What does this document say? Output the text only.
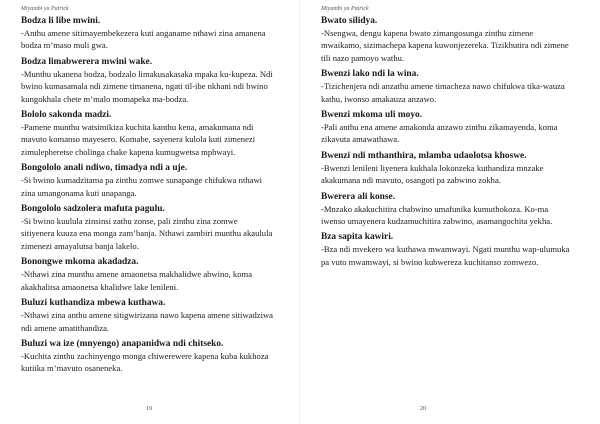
Miyambi ya Patrick
Bodza li libe mwini.
-Anthu amene sitimayembekezera kuti anganame nthawi zina amanena bodza m’maso muli gwa.
Bodza limabwerera mwini wake.
-Munthu ukanena bodza, bodzalo limakusakasaka mpaka ku-kupeza. Ndi bwino kumasamala ndi zimene timanena, ngati til-ibe nkhani ndi bwino kungokhala chete m’malo momapeka ma-bodza.
Bololo sakonda madzi.
-Pamene munthu watsimikiza kuchita kanthu kena, amakumana ndi mavuto komanso mayesero. Komabe, sayenera kulola kuti zimenezi zimulepheretse cholinga chake kapena kumugwetsa mphwayi.
Bongololo anali ndiwo, timadya ndi a uje.
-Si bwino kumadzitama pa zinthu zomwe sunapange chifukwa nthawi zina umangonama kuti unapanga.
Bongololo sadzolera mafuta pagulu.
-Si bwino kuulula zinsinsi zathu zonse, pali zinthu zina zomwe sitiyenera kuuza ena monga zam’banja. Nthawi zambiri munthu akaulula zimenezi amayalutsa banja lakelo.
Bonongwe mkoma akadadza.
-Nthawi zina munthu amene amaonetsa makhalidwe abwino, koma akakhalitsa amaonetsa khalidwe lake lenileni.
Buluzi kuthandiza mbewa kuthawa.
-Nthawi zina anthu amene sitigwirizana nawo kapena amene sitiwadziwa ndi amene amatithandiza.
Buluzi wa ize (mnyengo) anapanidwa ndi chitseko.
-Kuchita zinthu zachinyengo monga chiwerewere kapena kuba kukhoza kutiika m’mavuto osaneneka.
19
Miyambi ya Patrick
Bwato silidya.
-Nsengwa, dengu kapena bwato zimangosunga zinthu zimene mwaikamo, sizimachepa kapena kuwonjezereka. Tizikhutira ndi zimene tili nazo pamoyo wathu.
Bwenzi lako ndi la wina.
-Tizichenjera ndi anzathu amene timacheza nawo chifukwa tika-wauza kathu, iwonso amakauza anzawo.
Bwenzi mkoma uli moyo.
-Pali anthu ena amene amakonda anzawo zinthu zikamayenda, koma zikavuta amawathawa.
Bwenzi ndi mthanthira, mlamba udaolotsa khoswe.
-Bwenzi lenileni liyenera kukhala lokonzeka kuthandiza mnzake akakumana ndi mavuto, osangoti pa zabwino zokha.
Bwerera ali konse.
-Mnzako akakuchitira chabwino umafunika kumuthokoza. Ko-ma iwenso umayenera kudzamuchitira zabwino, asamangochita yekha.
Bza sapita kawiri.
-Bza ndi mvekero wa kuthawa mwamwayi. Ngati munthu wap-ulumuka pa vuto mwamwayi, si bwino kubwereza kuchitanso zomwezo.
20
